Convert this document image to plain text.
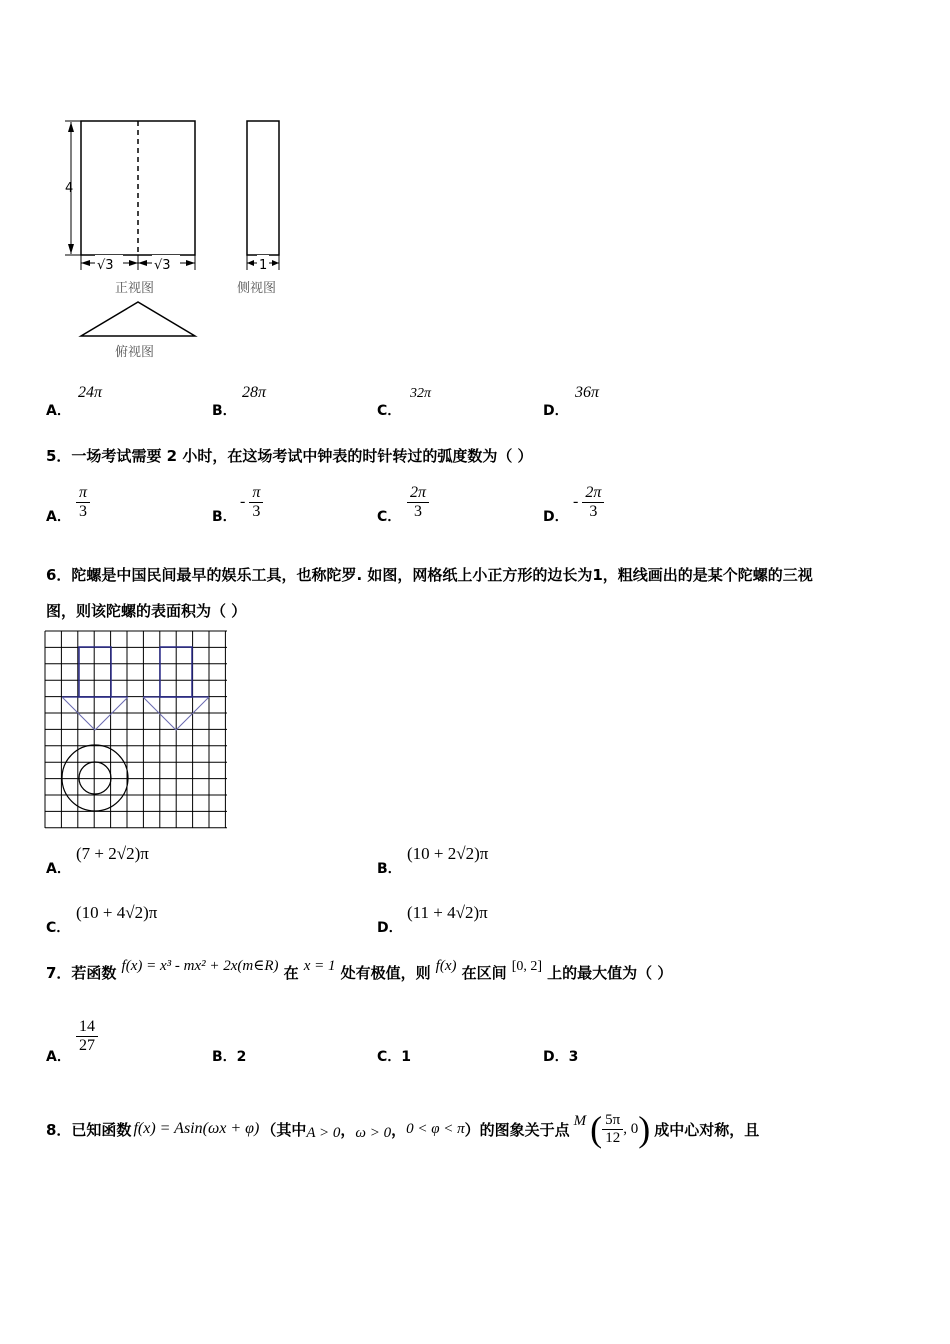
4
√3	√3
正视图
1
侧视图
俯视图
A．
24π
B．
28π
C．
32π
D．
36π
5．一场考试需要 2 小时，在这场考试中钟表的时针转过的弧度数为（ ）
A． $\frac{\pi}{3}$	B．
- $\frac{\pi}{3}$	C． $\frac{2\pi}{3}$	D．
- $\frac{2\pi}{3}$
6．陀螺是中国民间最早的娱乐工具，也称陀罗. 如图，网格纸上小正方形的边长为1，粗线画出的是某个陀螺的三视
图，则该陀螺的表面积为（ ）
A．
(7 + 2√2)π
B．
(10 + 2√2)π
C．
(10 + 4√2)π
D．
(11 + 4√2)π
7．若函数 f(x) = x³ - mx² + 2x(m∈R) 在 x = 1 处有极值，则 f(x) 在区间 [0, 2] 上的最大值为（ ）
A．
$\frac{14}{27}$
B．2	C．1	D．3
8．已知函数 f(x) = Asin(ωx + φ) （其中 A > 0 ， ω > 0 ， 0 < φ < π ）的图象关于点 M ( $\frac{5\pi}{12}$ , 0 ) 成中心对称，且
